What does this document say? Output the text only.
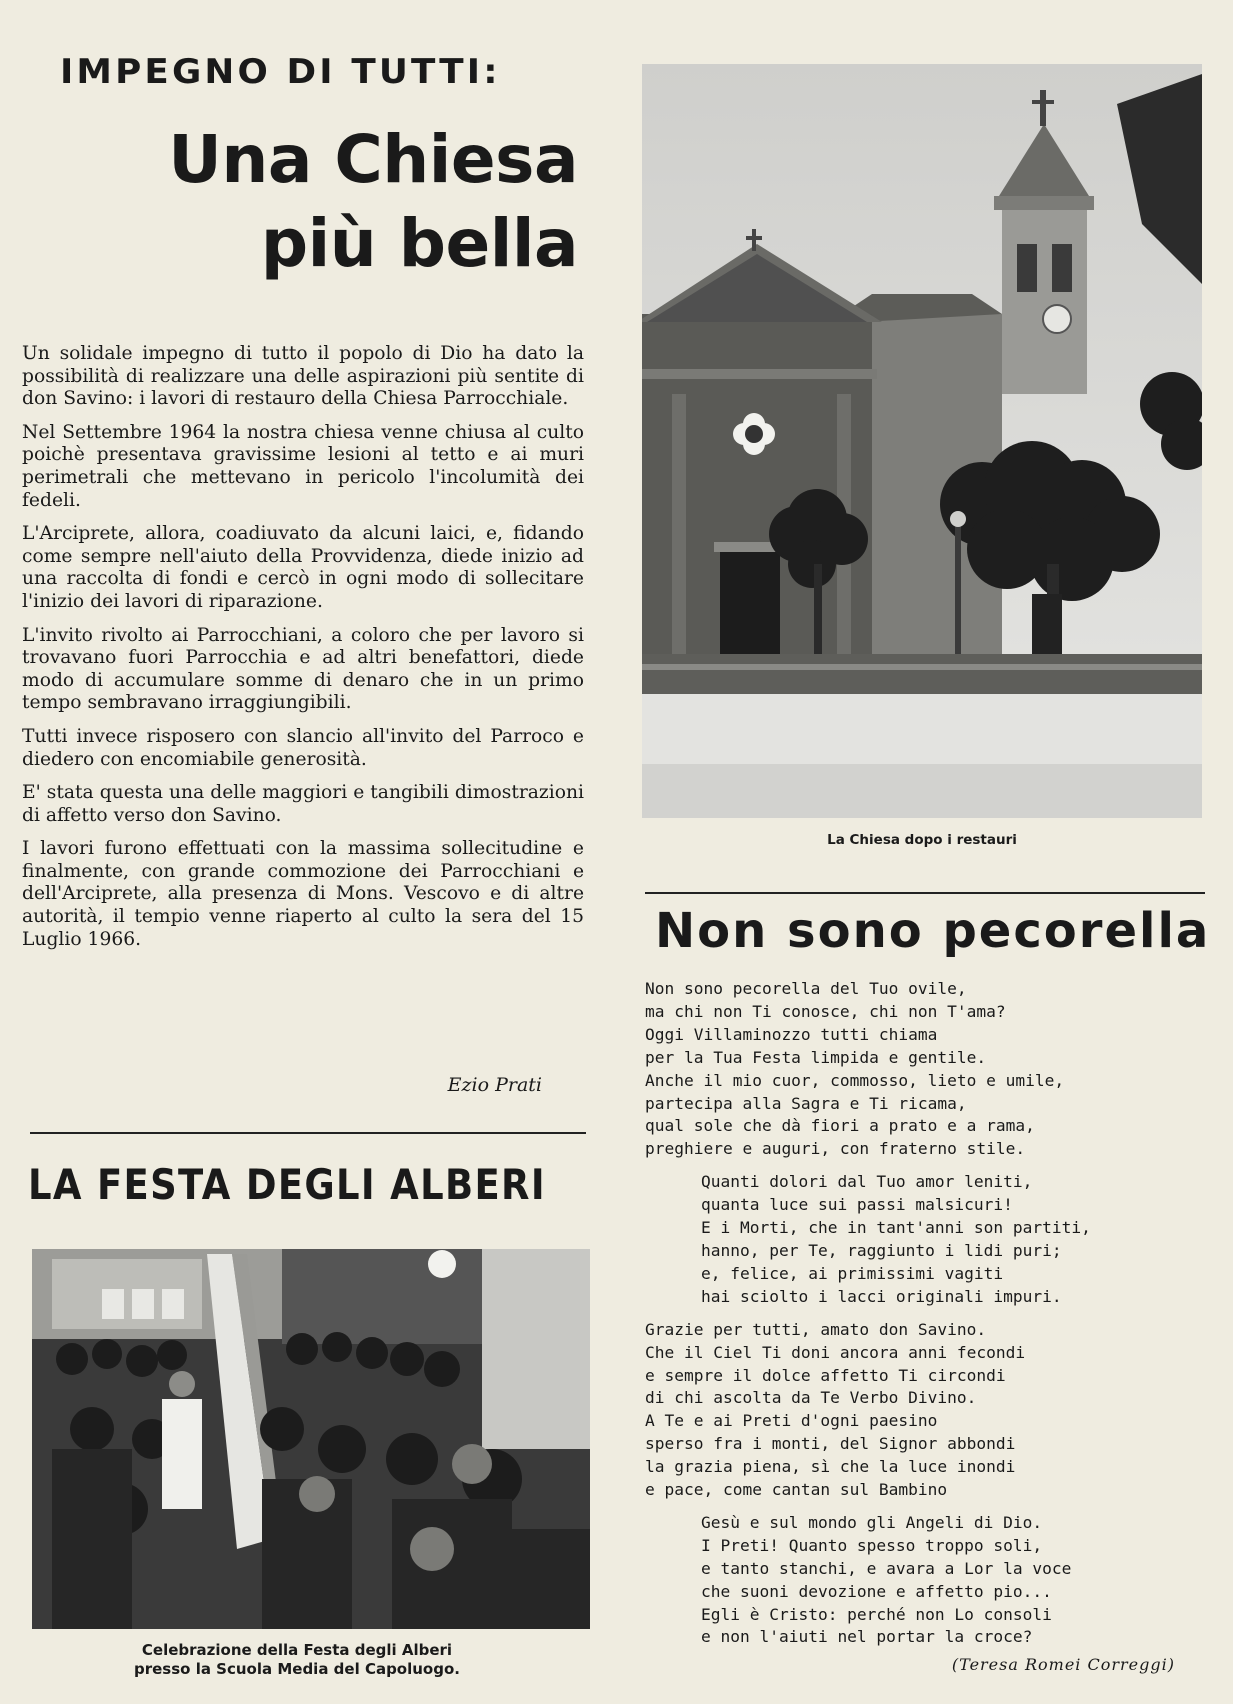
IMPEGNO DI TUTTI:
Una Chiesa
più bella

Un solidale impegno di tutto il popolo di Dio ha dato la possibilità di realizzare una delle aspirazioni più sentite di don Savino: i lavori di restauro della Chiesa Parrocchiale.

Nel Settembre 1964 la nostra chiesa venne chiusa al culto poichè presentava gravissime lesioni al tetto e ai muri perimetrali che mettevano in pericolo l'incolumità dei fedeli.

L'Arciprete, allora, coadiuvato da alcuni laici, e, fidando come sempre nell'aiuto della Provvidenza, diede inizio ad una raccolta di fondi e cercò in ogni modo di sollecitare l'inizio dei lavori di riparazione.

L'invito rivolto ai Parrocchiani, a coloro che per lavoro si trovavano fuori Parrocchia e ad altri benefattori, diede modo di accumulare somme di denaro che in un primo tempo sembravano irraggiungibili.

Tutti invece risposero con slancio all'invito del Parroco e diedero con encomiabile generosità.

E' stata questa una delle maggiori e tangibili dimostrazioni di affetto verso don Savino.

I lavori furono effettuati con la massima sollecitudine e finalmente, con grande commozione dei Parrocchiani e dell'Arciprete, alla presenza di Mons. Vescovo e di altre autorità, il tempio venne riaperto al culto la sera del 15 Luglio 1966.

Ezio Prati
LA FESTA DEGLI ALBERI
Celebrazione della Festa degli Alberi
presso la Scuola Media del Capoluogo.
La Chiesa dopo i restauri
Non sono pecorella
Non sono pecorella del Tuo ovile,
ma chi non Ti conosce, chi non T'ama?
Oggi Villaminozzo tutti chiama
per la Tua Festa limpida e gentile.
Anche il mio cuor, commosso, lieto e umile,
partecipa alla Sagra e Ti ricama,
qual sole che dà fiori a prato e a rama,
preghiere e auguri, con fraterno stile.
Quanti dolori dal Tuo amor leniti,
quanta luce sui passi malsicuri!
E i Morti, che in tant'anni son partiti,
hanno, per Te, raggiunto i lidi puri;
e, felice, ai primissimi vagiti
hai sciolto i lacci originali impuri.
Grazie per tutti, amato don Savino.
Che il Ciel Ti doni ancora anni fecondi
e sempre il dolce affetto Ti circondi
di chi ascolta da Te Verbo Divino.
A Te e ai Preti d'ogni paesino
sperso fra i monti, del Signor abbondi
la grazia piena, sì che la luce inondi
e pace, come cantan sul Bambino
Gesù e sul mondo gli Angeli di Dio.
I Preti! Quanto spesso troppo soli,
e tanto stanchi, e avara a Lor la voce
che suoni devozione e affetto pio...
Egli è Cristo: perché non Lo consoli
e non l'aiuti nel portar la croce?
(Teresa Romei Correggi)
